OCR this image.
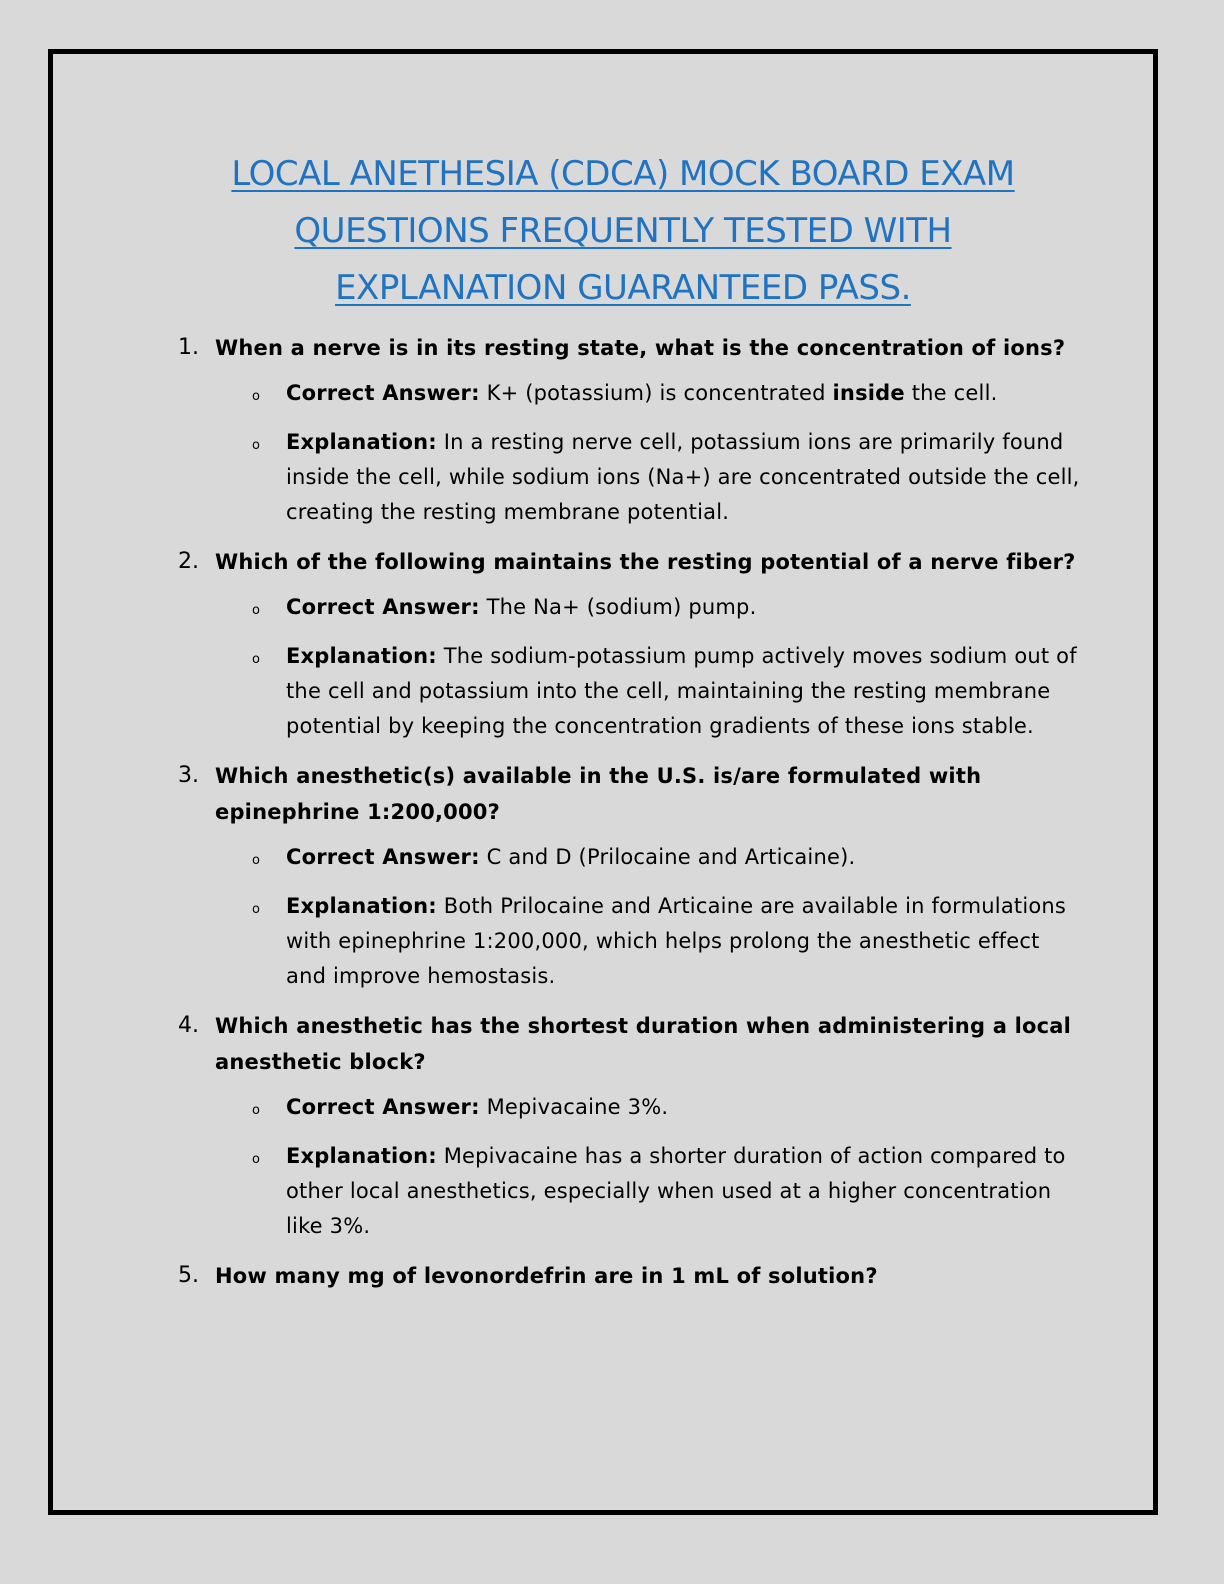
LOCAL ANETHESIA (CDCA) MOCK BOARD EXAM
QUESTIONS FREQUENTLY TESTED WITH
EXPLANATION GUARANTEED PASS.
1. When a nerve is in its resting state, what is the concentration of ions?
o Correct Answer: K+ (potassium) is concentrated inside the cell.
o Explanation: In a resting nerve cell, potassium ions are primarily found inside the cell, while sodium ions (Na+) are concentrated outside the cell, creating the resting membrane potential.
2. Which of the following maintains the resting potential of a nerve fiber?
o Correct Answer: The Na+ (sodium) pump.
o Explanation: The sodium-potassium pump actively moves sodium out of the cell and potassium into the cell, maintaining the resting membrane potential by keeping the concentration gradients of these ions stable.
3. Which anesthetic(s) available in the U.S. is/are formulated with epinephrine 1:200,000?
o Correct Answer: C and D (Prilocaine and Articaine).
o Explanation: Both Prilocaine and Articaine are available in formulations with epinephrine 1:200,000, which helps prolong the anesthetic effect and improve hemostasis.
4. Which anesthetic has the shortest duration when administering a local anesthetic block?
o Correct Answer: Mepivacaine 3%.
o Explanation: Mepivacaine has a shorter duration of action compared to other local anesthetics, especially when used at a higher concentration like 3%.
5. How many mg of levonordefrin are in 1 mL of solution?
